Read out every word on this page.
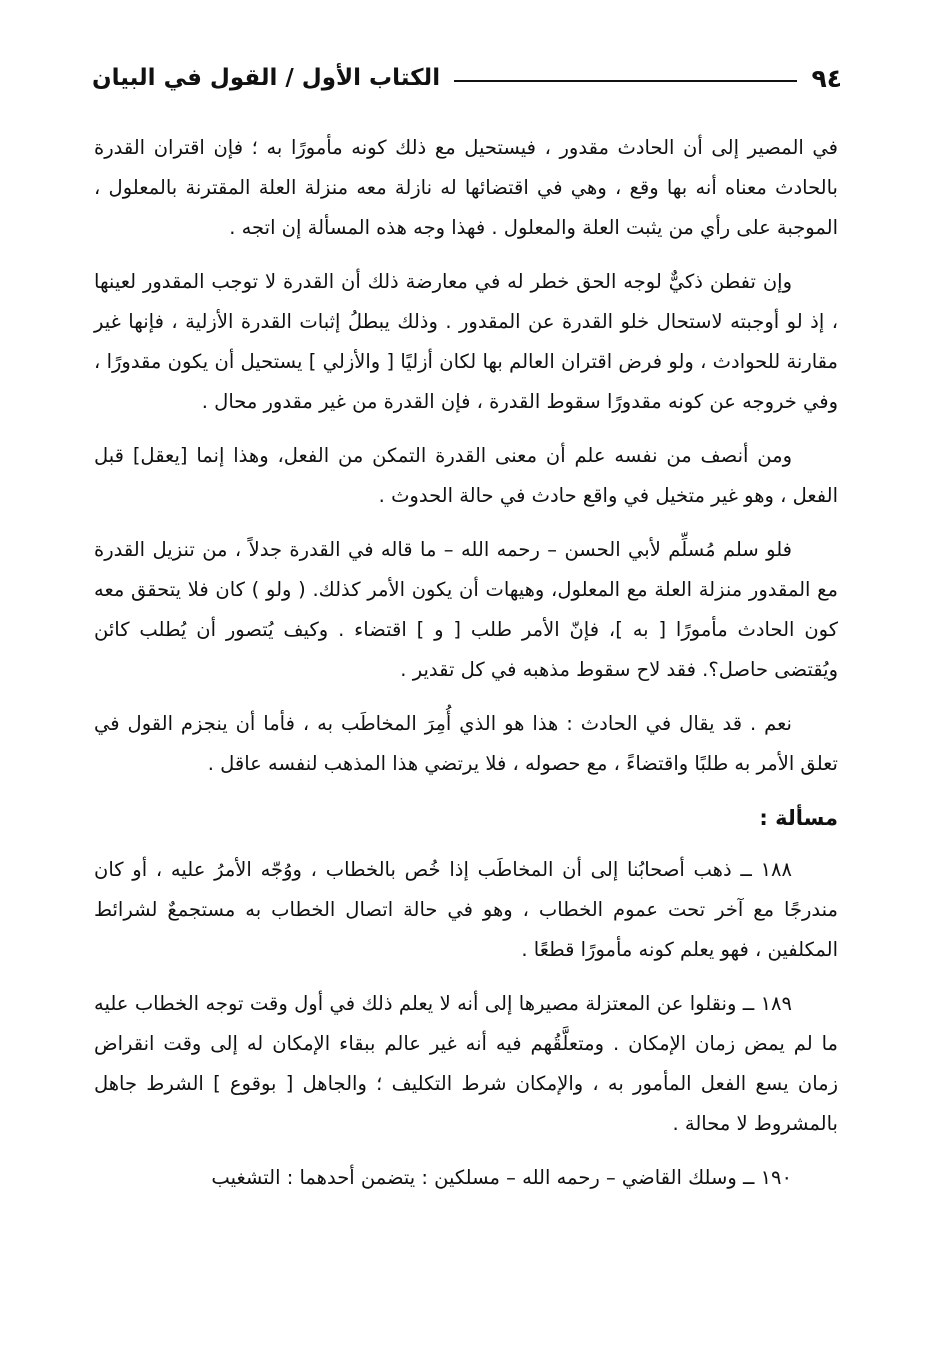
الكتاب الأول / القول في البيان	٩٤

في المصير إلى أن الحادث مقدور ، فيستحيل مع ذلك كونه مأمورًا به ؛ فإن اقتران القدرة بالحادث معناه أنه بها وقع ، وهي في اقتضائها له نازلة معه منزلة العلة المقترنة بالمعلول ، الموجبة على رأي من يثبت العلة والمعلول . فهذا وجه هذه المسألة إن اتجه .

وإن تفطن ذكيٌّ لوجه الحق خطر له في معارضة ذلك أن القدرة لا توجب المقدور لعينها ، إذ لو أوجبته لاستحال خلو القدرة عن المقدور . وذلك يبطلُ إثبات القدرة الأزلية ، فإنها غير مقارنة للحوادث ، ولو فرض اقتران العالم بها لكان أزليًا [ والأزلي ] يستحيل أن يكون مقدورًا ، وفي خروجه عن كونه مقدورًا سقوط القدرة ، فإن القدرة من غير مقدور محال .

ومن أنصف من نفسه علم أن معنى القدرة التمكن من الفعل، وهذا إنما [يعقل] قبل الفعل ، وهو غير متخيل في واقع حادث في حالة الحدوث .

فلو سلم مُسلِّم لأبي الحسن – رحمه الله – ما قاله في القدرة جدلاً ، من تنزيل القدرة مع المقدور منزلة العلة مع المعلول، وهيهات أن يكون الأمر كذلك. ( ولو ) كان فلا يتحقق معه كون الحادث مأمورًا [ به ]، فإنّ الأمر طلب [ و ] اقتضاء . وكيف يُتصور أن يُطلب كائن ويُقتضى حاصل؟. فقد لاح سقوط مذهبه في كل تقدير .

نعم . قد يقال في الحادث : هذا هو الذي أُمِرَ المخاطَب به ، فأما أن ينجزم القول في تعلق الأمر به طلبًا واقتضاءً ، مع حصوله ، فلا يرتضي هذا المذهب لنفسه عاقل .

مسألة :

١٨٨ ــ ذهب أصحابُنا إلى أن المخاطَب إذا خُص بالخطاب ، ووُجّه الأمرُ عليه ، أو كان مندرجًا مع آخر تحت عموم الخطاب ، وهو في حالة اتصال الخطاب به مستجمعٌ لشرائط المكلفين ، فهو يعلم كونه مأمورًا قطعًا .

١٨٩ ــ ونقلوا عن المعتزلة مصيرها إلى أنه لا يعلم ذلك في أول وقت توجه الخطاب عليه ما لم يمض زمان الإمكان . ومتعلَّقُهم فيه أنه غير عالم ببقاء الإمكان له إلى وقت انقراض زمان يسع الفعل المأمور به ، والإمكان شرط التكليف ؛ والجاهل [ بوقوع ] الشرط جاهل بالمشروط لا محالة .

١٩٠ ــ وسلك القاضي – رحمه الله – مسلكين : يتضمن أحدهما : التشغيب
